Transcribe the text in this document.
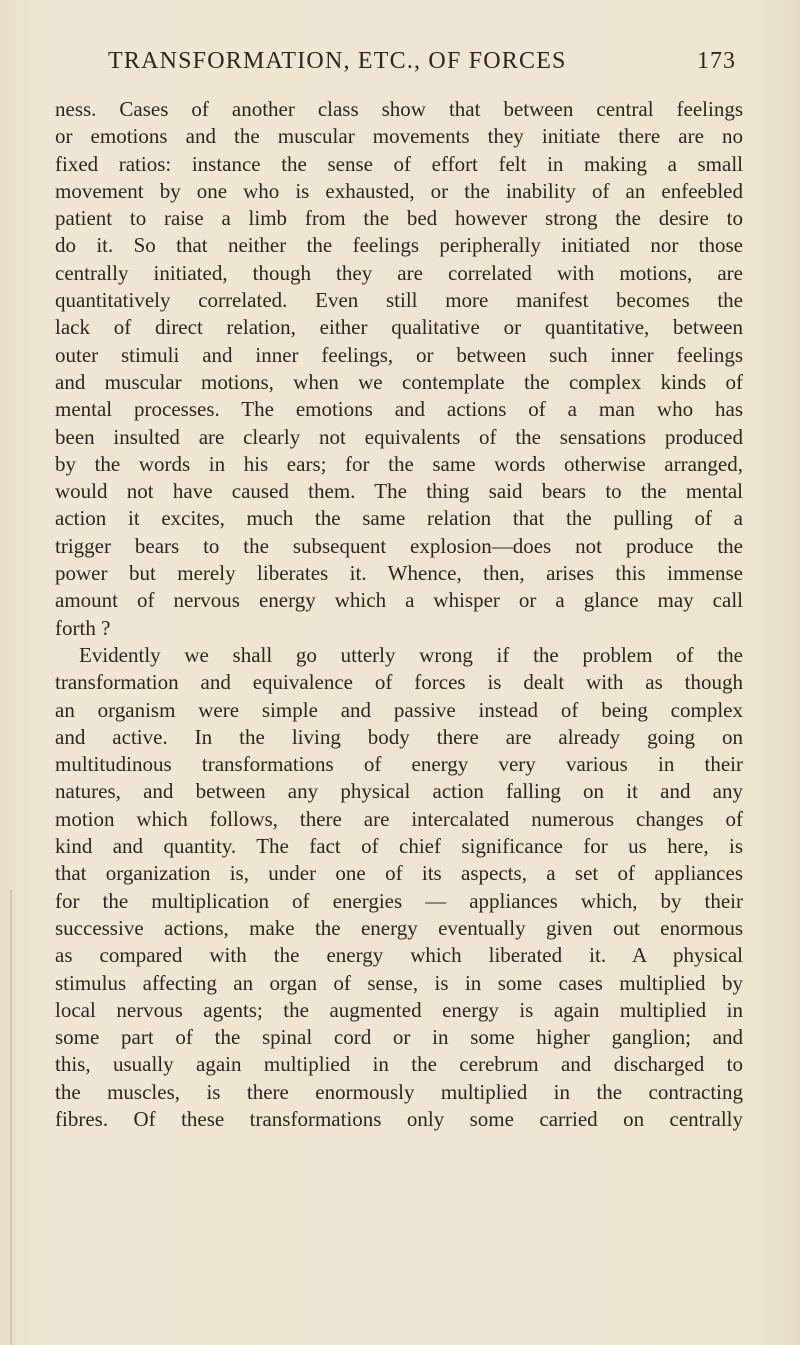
TRANSFORMATION, ETC., OF FORCES	173
ness. Cases of another class show that between central feelings
or emotions and the muscular movements they initiate there are no
fixed ratios: instance the sense of effort felt in making a small
movement by one who is exhausted, or the inability of an enfeebled
patient to raise a limb from the bed however strong the desire to
do it. So that neither the feelings peripherally initiated nor those
centrally initiated, though they are correlated with motions, are
quantitatively correlated. Even still more manifest becomes the
lack of direct relation, either qualitative or quantitative, between
outer stimuli and inner feelings, or between such inner feelings
and muscular motions, when we contemplate the complex kinds of
mental processes. The emotions and actions of a man who has
been insulted are clearly not equivalents of the sensations produced
by the words in his ears; for the same words otherwise arranged,
would not have caused them. The thing said bears to the mental
action it excites, much the same relation that the pulling of a
trigger bears to the subsequent explosion—does not produce the
power but merely liberates it. Whence, then, arises this immense
amount of nervous energy which a whisper or a glance may call
forth ?
Evidently we shall go utterly wrong if the problem of the
transformation and equivalence of forces is dealt with as though
an organism were simple and passive instead of being complex
and active. In the living body there are already going on
multitudinous transformations of energy very various in their
natures, and between any physical action falling on it and any
motion which follows, there are intercalated numerous changes of
kind and quantity. The fact of chief significance for us here, is
that organization is, under one of its aspects, a set of appliances
for the multiplication of energies — appliances which, by their
successive actions, make the energy eventually given out enormous
as compared with the energy which liberated it. A physical
stimulus affecting an organ of sense, is in some cases multiplied by
local nervous agents; the augmented energy is again multiplied in
some part of the spinal cord or in some higher ganglion; and
this, usually again multiplied in the cerebrum and discharged to
the muscles, is there enormously multiplied in the contracting
fibres. Of these transformations only some carried on centrally
